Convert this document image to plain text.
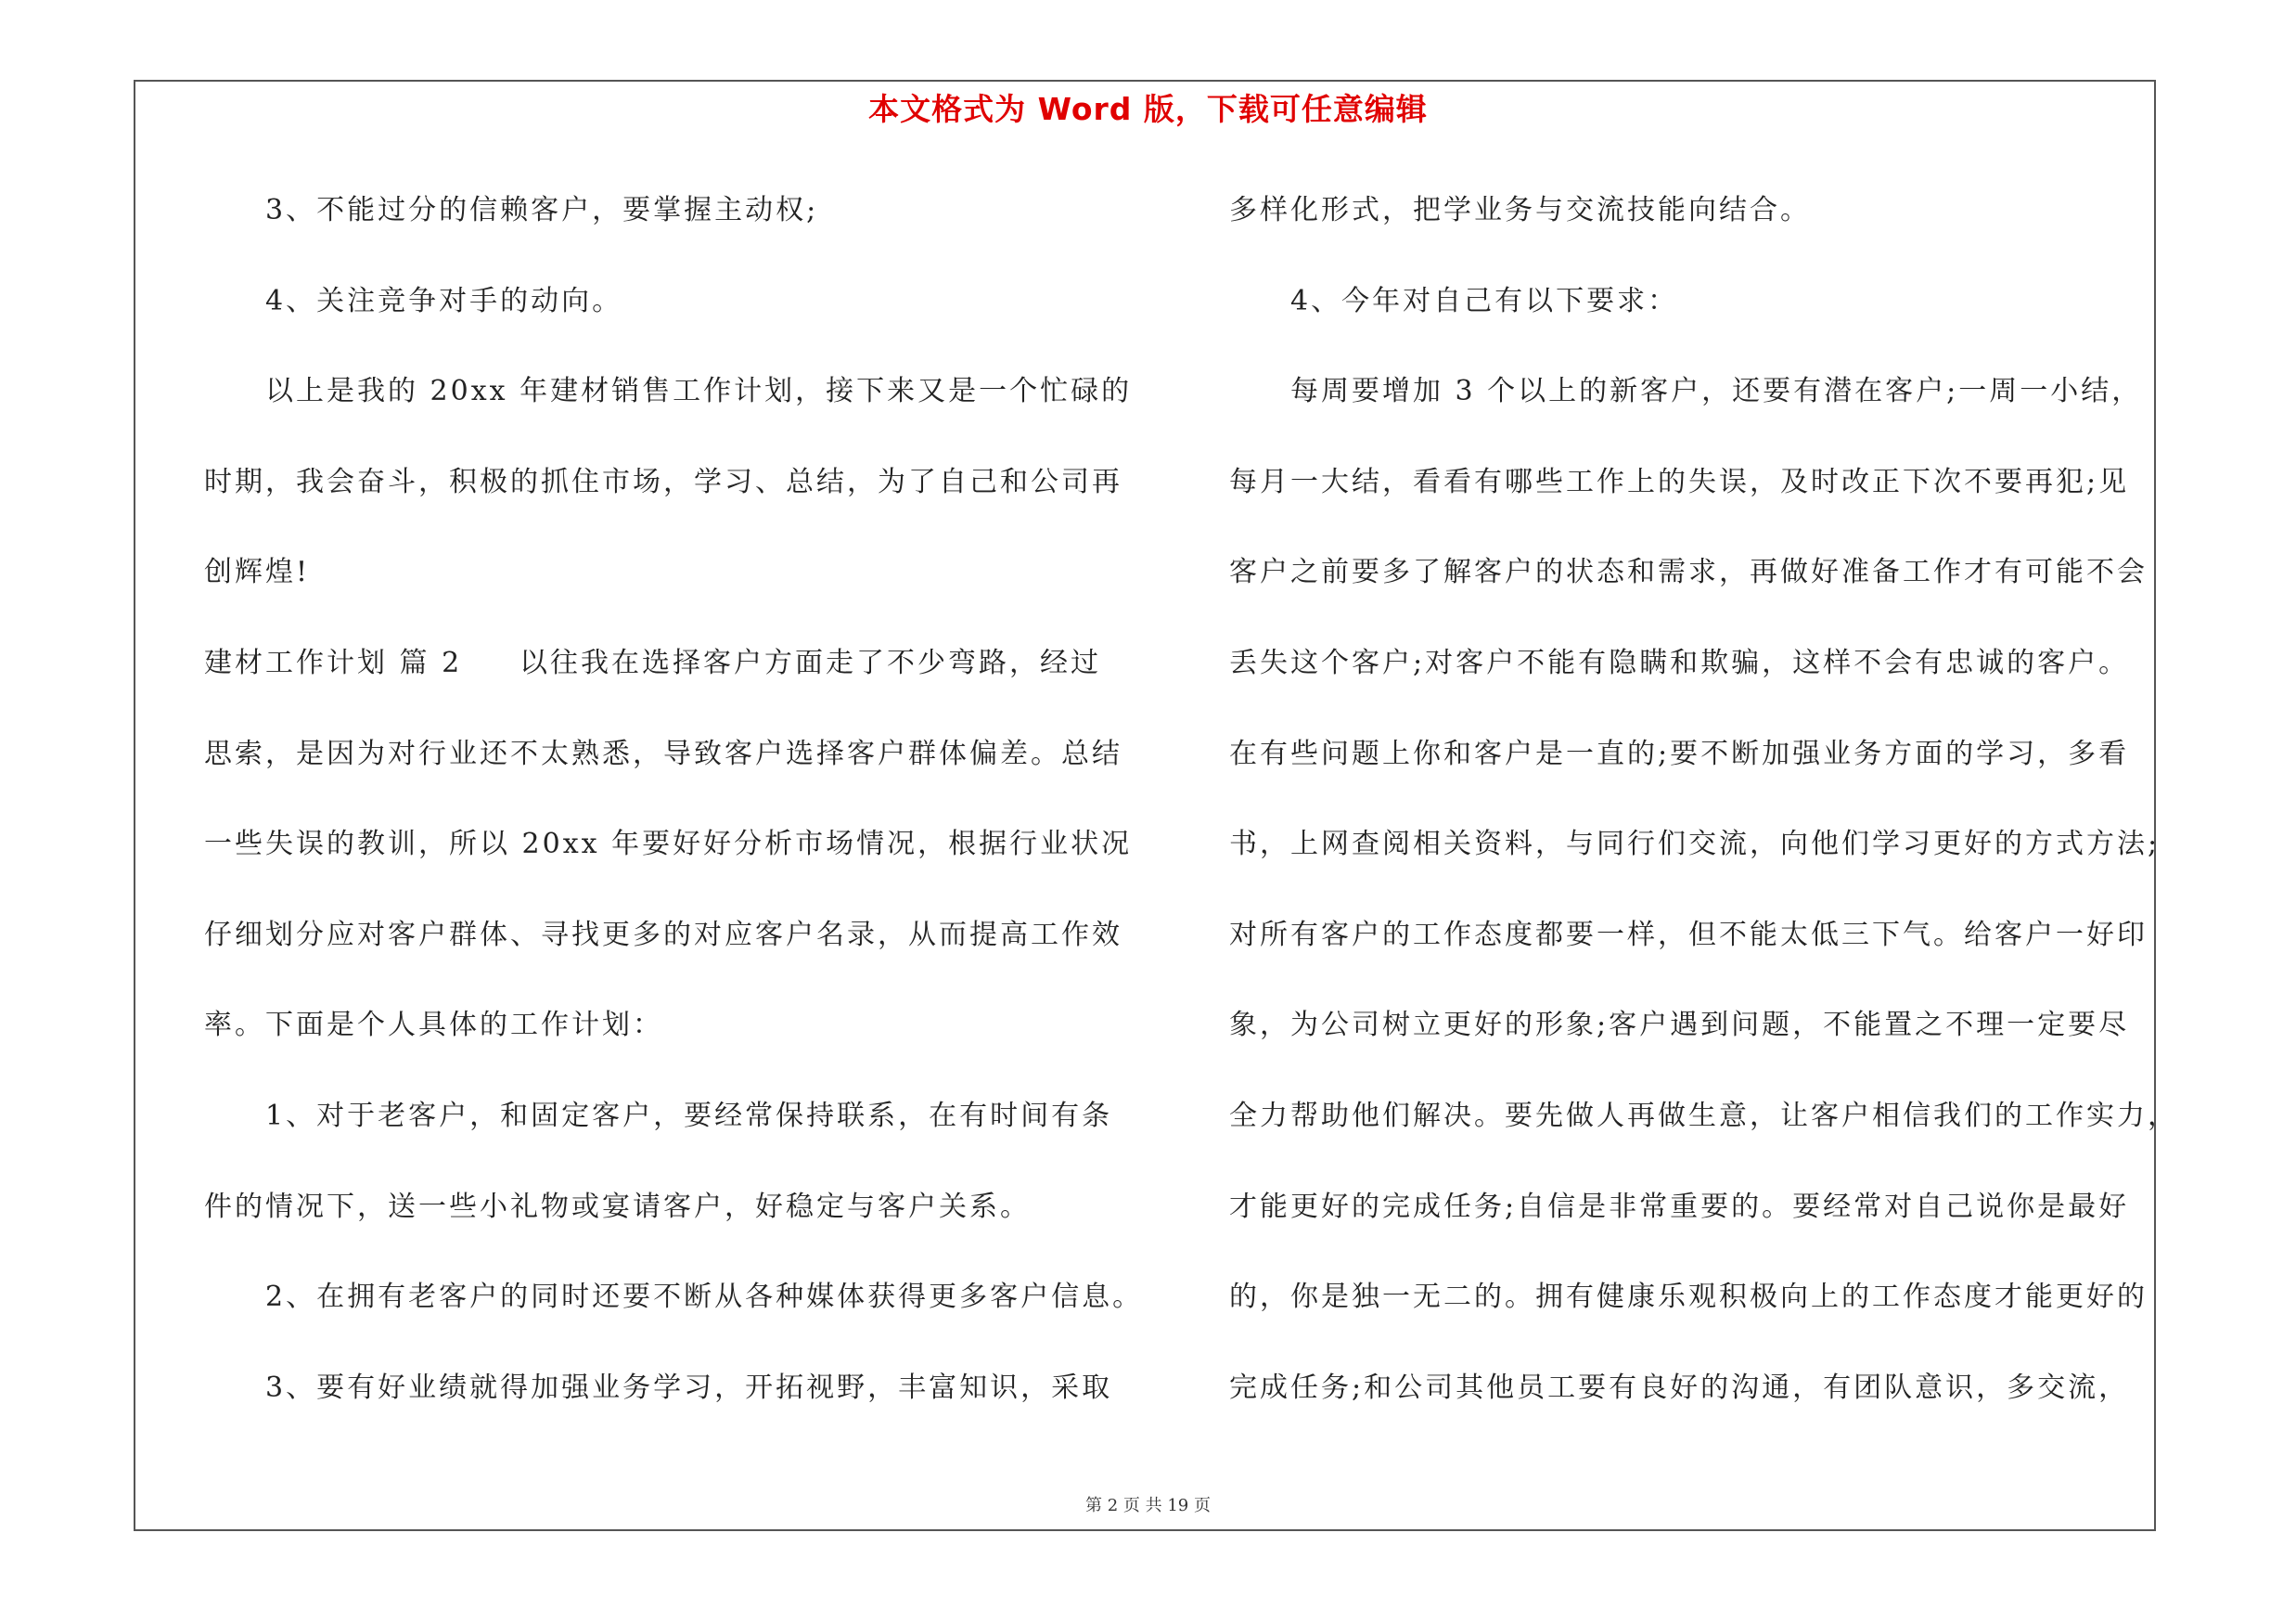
本文格式为 Word 版，下载可任意编辑
3、不能过分的信赖客户，要掌握主动权;
4、关注竞争对手的动向。
以上是我的 20xx 年建材销售工作计划，接下来又是一个忙碌的
时期，我会奋斗，积极的抓住市场，学习、总结，为了自己和公司再
创辉煌!
建材工作计划 篇 2 以往我在选择客户方面走了不少弯路，经过
思索，是因为对行业还不太熟悉，导致客户选择客户群体偏差。总结
一些失误的教训，所以 20xx 年要好好分析市场情况，根据行业状况
仔细划分应对客户群体、寻找更多的对应客户名录，从而提高工作效
率。下面是个人具体的工作计划：
1、对于老客户，和固定客户，要经常保持联系，在有时间有条
件的情况下，送一些小礼物或宴请客户，好稳定与客户关系。
2、在拥有老客户的同时还要不断从各种媒体获得更多客户信息。
3、要有好业绩就得加强业务学习，开拓视野，丰富知识，采取
多样化形式，把学业务与交流技能向结合。
4、今年对自己有以下要求：
每周要增加 3 个以上的新客户，还要有潜在客户;一周一小结，
每月一大结，看看有哪些工作上的失误，及时改正下次不要再犯;见
客户之前要多了解客户的状态和需求，再做好准备工作才有可能不会
丢失这个客户;对客户不能有隐瞒和欺骗，这样不会有忠诚的客户。
在有些问题上你和客户是一直的;要不断加强业务方面的学习，多看
书，上网查阅相关资料，与同行们交流，向他们学习更好的方式方法;
对所有客户的工作态度都要一样，但不能太低三下气。给客户一好印
象，为公司树立更好的形象;客户遇到问题，不能置之不理一定要尽
全力帮助他们解决。要先做人再做生意，让客户相信我们的工作实力，
才能更好的完成任务;自信是非常重要的。要经常对自己说你是最好
的，你是独一无二的。拥有健康乐观积极向上的工作态度才能更好的
完成任务;和公司其他员工要有良好的沟通，有团队意识，多交流，
第 2 页 共 19 页
